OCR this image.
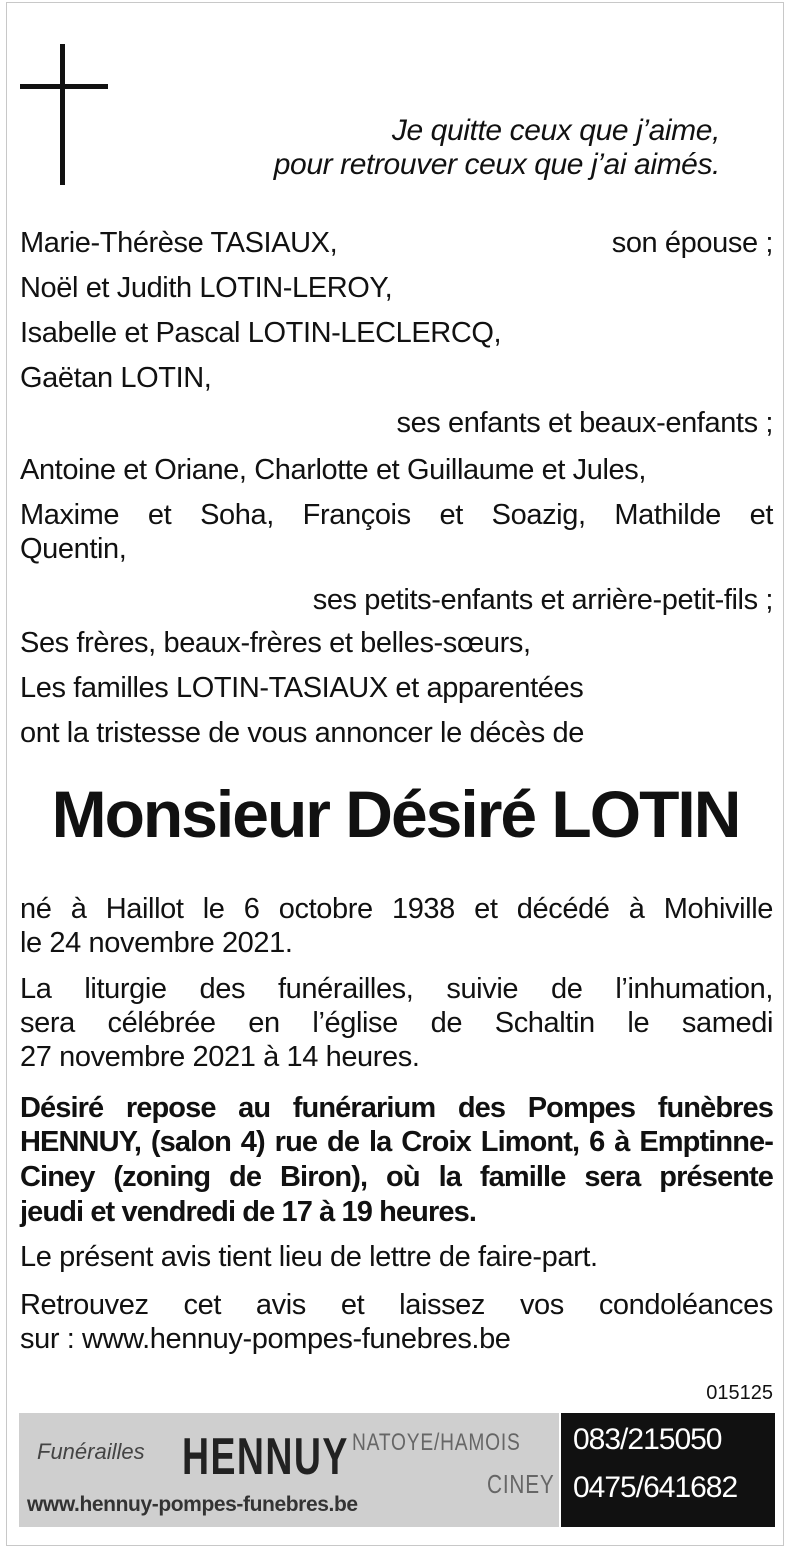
Je quitte ceux que j’aime,
pour retrouver ceux que j’ai aimés.
Marie-Thérèse TASIAUX,	son épouse ;
Noël et Judith LOTIN-LEROY,
Isabelle et Pascal LOTIN-LECLERCQ,
Gaëtan LOTIN,
ses enfants et beaux-enfants ;
Antoine et Oriane, Charlotte et Guillaume et Jules,
Maxime et Soha, François et Soazig, Mathilde et
Quentin,
ses petits-enfants et arrière-petit-fils ;
Ses frères, beaux-frères et belles-sœurs,
Les familles LOTIN-TASIAUX et apparentées
ont la tristesse de vous annoncer le décès de
Monsieur Désiré LOTIN
né à Haillot le 6 octobre 1938 et décédé à Mohiville
le 24 novembre 2021.
La liturgie des funérailles, suivie de l’inhumation,
sera célébrée en l’église de Schaltin le samedi
27 novembre 2021 à 14 heures.
Désiré repose au funérarium des Pompes funèbres
HENNUY, (salon 4) rue de la Croix Limont, 6 à Emptinne-
Ciney (zoning de Biron), où la famille sera présente
jeudi et vendredi de 17 à 19 heures.
Le présent avis tient lieu de lettre de faire-part.
Retrouvez cet avis et laissez vos condoléances
sur : www.hennuy-pompes-funebres.be
015125
Funérailles HENNUY NATOYE/HAMOIS
CINEY
www.hennuy-pompes-funebres.be
083/215050
0475/641682
